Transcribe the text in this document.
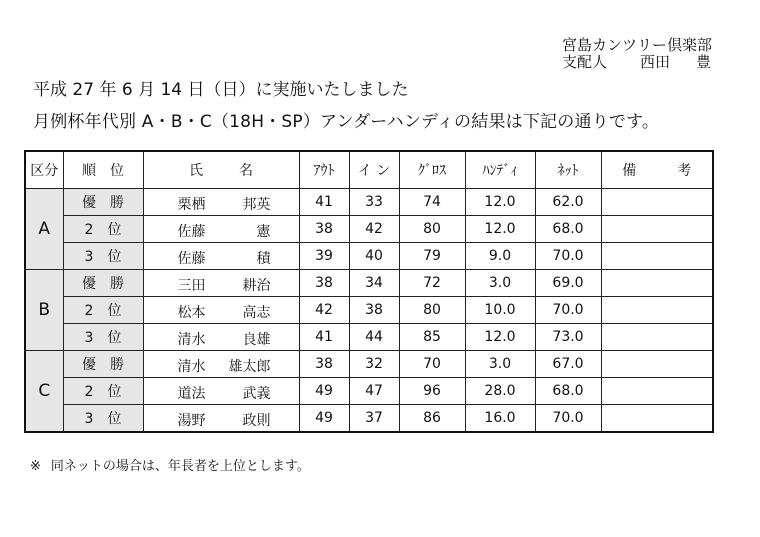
宮島カンツリー倶楽部
支配人	西田	豊
平成 27 年 6 月 14 日（日）に実施いたしました
月例杯年代別 A・B・C（18H・SP）アンダーハンディの結果は下記の通りです。
区分	順　位	氏 名	ｱｳﾄ	イ ン	ｸﾞﾛｽ	ﾊﾝﾃﾞｨ	ﾈｯﾄ	備 考
A	優　勝	栗栖 邦英	41	33	74	12.0	62.0	
	2　位	佐藤 憲	38	42	80	12.0	68.0	
	3　位	佐藤 積	39	40	79	9.0	70.0	
B	優　勝	三田 耕治	38	34	72	3.0	69.0	
	2　位	松本 高志	42	38	80	10.0	70.0	
	3　位	清水 良雄	41	44	85	12.0	73.0	
C	優　勝	清水 雄太郎	38	32	70	3.0	67.0	
	2　位	道法 武義	49	47	96	28.0	68.0	
	3　位	湯野 政則	49	37	86	16.0	70.0	
※ 同ネットの場合は、年長者を上位とします。
